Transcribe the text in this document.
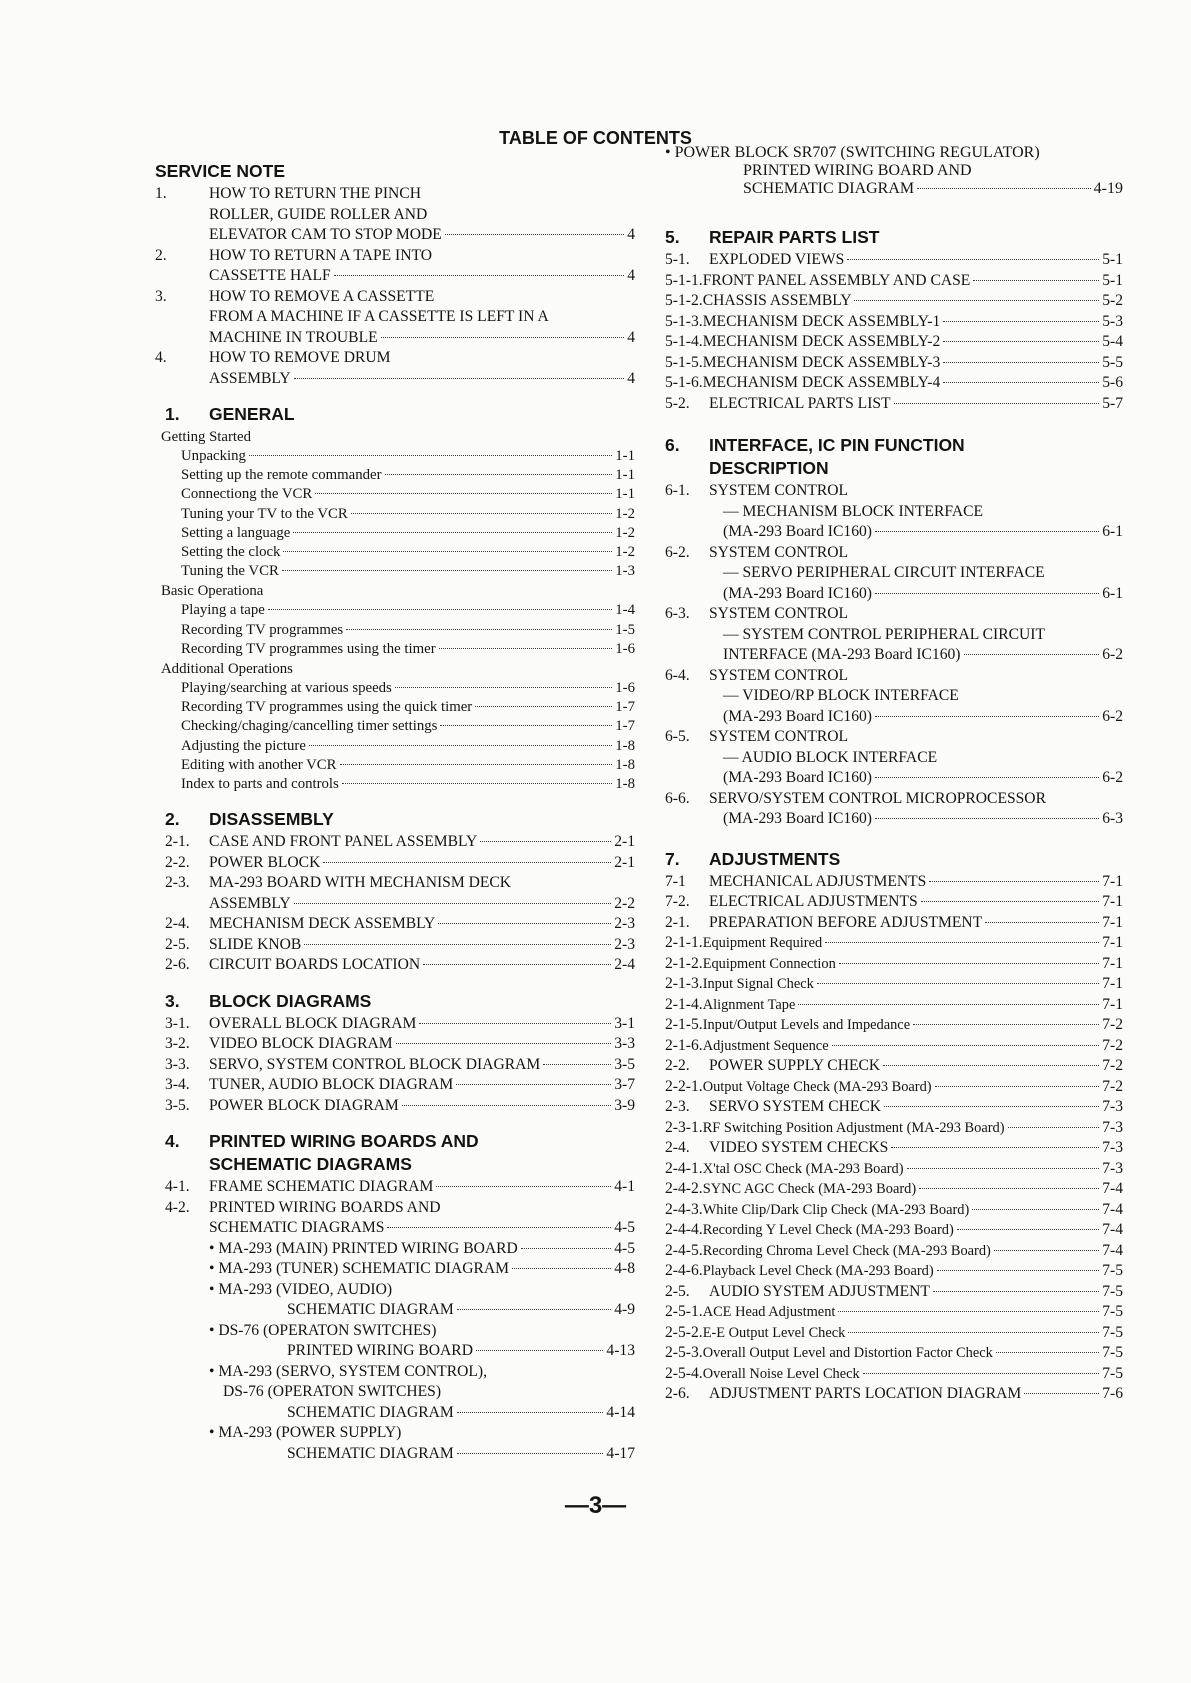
TABLE OF CONTENTS
SERVICE NOTE
1.	HOW TO RETURN THE PINCH
ROLLER, GUIDE ROLLER AND
ELEVATOR CAM TO STOP MODE	4
2.	HOW TO RETURN A TAPE INTO
CASSETTE HALF	4
3.	HOW TO REMOVE A CASSETTE
FROM A MACHINE IF A CASSETTE IS LEFT IN A
MACHINE IN TROUBLE	4
4.	HOW TO REMOVE DRUM
ASSEMBLY	4
1.	GENERAL
Getting Started
Unpacking	1-1
Setting up the remote commander	1-1
Connectiong the VCR	1-1
Tuning your TV to the VCR	1-2
Setting a language	1-2
Setting the clock	1-2
Tuning the VCR	1-3
Basic Operationa
Playing a tape	1-4
Recording TV programmes	1-5
Recording TV programmes using the timer	1-6
Additional Operations
Playing/searching at various speeds	1-6
Recording TV programmes using the quick timer	1-7
Checking/chaging/cancelling timer settings	1-7
Adjusting the picture	1-8
Editing with another VCR	1-8
Index to parts and controls	1-8
2.	DISASSEMBLY
2-1.	CASE AND FRONT PANEL ASSEMBLY	2-1
2-2.	POWER BLOCK	2-1
2-3.	MA-293 BOARD WITH MECHANISM DECK
ASSEMBLY	2-2
2-4.	MECHANISM DECK ASSEMBLY	2-3
2-5.	SLIDE KNOB	2-3
2-6.	CIRCUIT BOARDS LOCATION	2-4
3.	BLOCK DIAGRAMS
3-1.	OVERALL BLOCK DIAGRAM	3-1
3-2.	VIDEO BLOCK DIAGRAM	3-3
3-3.	SERVO, SYSTEM CONTROL BLOCK DIAGRAM	3-5
3-4.	TUNER, AUDIO BLOCK DIAGRAM	3-7
3-5.	POWER BLOCK DIAGRAM	3-9
4.	PRINTED WIRING BOARDS AND
SCHEMATIC DIAGRAMS
4-1.	FRAME SCHEMATIC DIAGRAM	4-1
4-2.	PRINTED WIRING BOARDS AND
SCHEMATIC DIAGRAMS	4-5
• MA-293 (MAIN) PRINTED WIRING BOARD	4-5
• MA-293 (TUNER) SCHEMATIC DIAGRAM	4-8
• MA-293 (VIDEO, AUDIO)
SCHEMATIC DIAGRAM	4-9
• DS-76 (OPERATON SWITCHES)
PRINTED WIRING BOARD	4-13
• MA-293 (SERVO, SYSTEM CONTROL),
DS-76 (OPERATON SWITCHES)
SCHEMATIC DIAGRAM	4-14
• MA-293 (POWER SUPPLY)
SCHEMATIC DIAGRAM	4-17
• POWER BLOCK SR707 (SWITCHING REGULATOR)
PRINTED WIRING BOARD AND
SCHEMATIC DIAGRAM	4-19
5.	REPAIR PARTS LIST
5-1.	EXPLODED VIEWS	5-1
5-1-1. FRONT PANEL ASSEMBLY AND CASE	5-1
5-1-2. CHASSIS ASSEMBLY	5-2
5-1-3. MECHANISM DECK ASSEMBLY-1	5-3
5-1-4. MECHANISM DECK ASSEMBLY-2	5-4
5-1-5. MECHANISM DECK ASSEMBLY-3	5-5
5-1-6. MECHANISM DECK ASSEMBLY-4	5-6
5-2.	ELECTRICAL PARTS LIST	5-7
6.	INTERFACE, IC PIN FUNCTION
DESCRIPTION
6-1.	SYSTEM CONTROL
— MECHANISM BLOCK INTERFACE
(MA-293 Board IC160)	6-1
6-2.	SYSTEM CONTROL
— SERVO PERIPHERAL CIRCUIT INTERFACE
(MA-293 Board IC160)	6-1
6-3.	SYSTEM CONTROL
— SYSTEM CONTROL PERIPHERAL CIRCUIT
INTERFACE (MA-293 Board IC160)	6-2
6-4.	SYSTEM CONTROL
— VIDEO/RP BLOCK INTERFACE
(MA-293 Board IC160)	6-2
6-5.	SYSTEM CONTROL
— AUDIO BLOCK INTERFACE
(MA-293 Board IC160)	6-2
6-6.	SERVO/SYSTEM CONTROL MICROPROCESSOR
(MA-293 Board IC160)	6-3
7.	ADJUSTMENTS
7-1	MECHANICAL ADJUSTMENTS	7-1
7-2.	ELECTRICAL ADJUSTMENTS	7-1
2-1.	PREPARATION BEFORE ADJUSTMENT	7-1
2-1-1. Equipment Required	7-1
2-1-2. Equipment Connection	7-1
2-1-3. Input Signal Check	7-1
2-1-4. Alignment Tape	7-1
2-1-5. Input/Output Levels and Impedance	7-2
2-1-6. Adjustment Sequence	7-2
2-2.	POWER SUPPLY CHECK	7-2
2-2-1. Output Voltage Check (MA-293 Board)	7-2
2-3.	SERVO SYSTEM CHECK	7-3
2-3-1. RF Switching Position Adjustment (MA-293 Board)	7-3
2-4.	VIDEO SYSTEM CHECKS	7-3
2-4-1. X'tal OSC Check (MA-293 Board)	7-3
2-4-2. SYNC AGC Check (MA-293 Board)	7-4
2-4-3. White Clip/Dark Clip Check (MA-293 Board)	7-4
2-4-4. Recording Y Level Check (MA-293 Board)	7-4
2-4-5. Recording Chroma Level Check (MA-293 Board)	7-4
2-4-6. Playback Level Check (MA-293 Board)	7-5
2-5.	AUDIO SYSTEM ADJUSTMENT	7-5
2-5-1. ACE Head Adjustment	7-5
2-5-2. E-E Output Level Check	7-5
2-5-3. Overall Output Level and Distortion Factor Check	7-5
2-5-4. Overall Noise Level Check	7-5
2-6.	ADJUSTMENT PARTS LOCATION DIAGRAM	7-6
—3—
